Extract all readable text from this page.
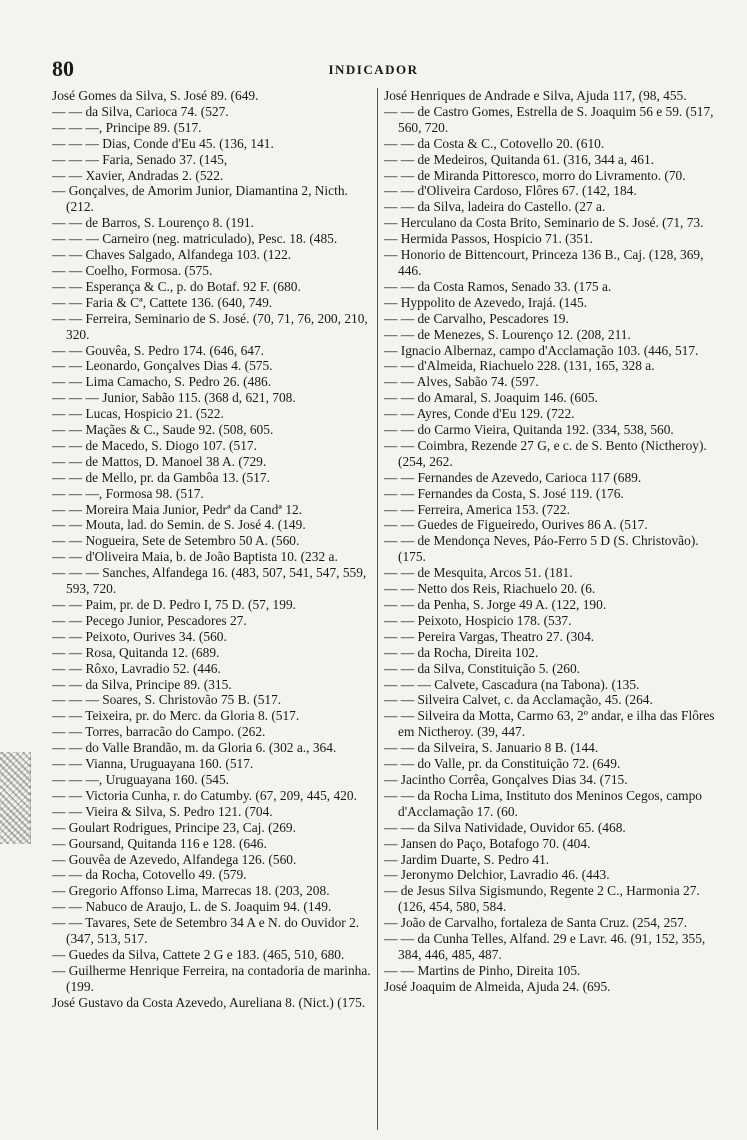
80	INDICADOR
José Gomes da Silva, S. José 89. (649.
— — da Silva, Carioca 74. (527.
— — —, Principe 89. (517.
— — — Dias, Conde d'Eu 45. (136, 141.
— — — Faria, Senado 37. (145,
— — Xavier, Andradas 2. (522.
— Gonçalves, de Amorim Junior, Diamantina 2, Nicth. (212.
— — de Barros, S. Lourenço 8. (191.
— — — Carneiro (neg. matriculado), Pesc. 18. (485.
— — Chaves Salgado, Alfandega 103. (122.
— — Coelho, Formosa. (575.
— — Esperança & C., p. do Botaf. 92 F. (680.
— — Faria & Cª, Cattete 136. (640, 749.
— — Ferreira, Seminario de S. José. (70, 71, 76, 200, 210, 320.
— — Gouvêa, S. Pedro 174. (646, 647.
— — Leonardo, Gonçalves Dias 4. (575.
— — Lima Camacho, S. Pedro 26. (486.
— — — Junior, Sabão 115. (368 d, 621, 708.
— — Lucas, Hospicio 21. (522.
— — Maçães & C., Saude 92. (508, 605.
— — de Macedo, S. Diogo 107. (517.
— — de Mattos, D. Manoel 38 A. (729.
— — de Mello, pr. da Gambôa 13. (517.
— — —, Formosa 98. (517.
— — Moreira Maia Junior, Pedrª da Candª 12.
— — Mouta, lad. do Semin. de S. José 4. (149.
— — Nogueira, Sete de Setembro 50 A. (560.
— — d'Oliveira Maia, b. de João Baptista 10. (232 a.
— — — Sanches, Alfandega 16. (483, 507, 541, 547, 559, 593, 720.
— — Paim, pr. de D. Pedro I, 75 D. (57, 199.
— — Pecego Junior, Pescadores 27.
— — Peixoto, Ourives 34. (560.
— — Rosa, Quitanda 12. (689.
— — Rôxo, Lavradio 52. (446.
— — da Silva, Principe 89. (315.
— — — Soares, S. Christovão 75 B. (517.
— — Teixeira, pr. do Merc. da Gloria 8. (517.
— — Torres, barracão do Campo. (262.
— — do Valle Brandão, m. da Gloria 6. (302 a., 364.
— — Vianna, Uruguayana 160. (517.
— — —, Uruguayana 160. (545.
— — Victoria Cunha, r. do Catumby. (67, 209, 445, 420.
— — Vieira & Silva, S. Pedro 121. (704.
— Goulart Rodrigues, Principe 23, Caj. (269.
— Goursand, Quitanda 116 e 128. (646.
— Gouvêa de Azevedo, Alfandega 126. (560.
— — da Rocha, Cotovello 49. (579.
— Gregorio Affonso Lima, Marrecas 18. (203, 208.
— — Nabuco de Araujo, L. de S. Joaquim 94. (149.
— — Tavares, Sete de Setembro 34 A e N. do Ouvidor 2. (347, 513, 517.
— Guedes da Silva, Cattete 2 G e 183. (465, 510, 680.
— Guilherme Henrique Ferreira, na contadoria de marinha. (199.
José Gustavo da Costa Azevedo, Aureliana 8. (Nict.) (175.
José Henriques de Andrade e Silva, Ajuda 117, (98, 455.
— — de Castro Gomes, Estrella de S. Joaquim 56 e 59. (517, 560, 720.
— — da Costa & C., Cotovello 20. (610.
— — de Medeiros, Quitanda 61. (316, 344 a, 461.
— — de Miranda Pittoresco, morro do Livramento. (70.
— — d'Oliveira Cardoso, Flôres 67. (142, 184.
— — da Silva, ladeira do Castello. (27 a.
— Herculano da Costa Brito, Seminario de S. José. (71, 73.
— Hermida Passos, Hospicio 71. (351.
— Honorio de Bittencourt, Princeza 136 B., Caj. (128, 369, 446.
— — da Costa Ramos, Senado 33. (175 a.
— Hyppolito de Azevedo, Irajá. (145.
— — de Carvalho, Pescadores 19.
— — de Menezes, S. Lourenço 12. (208, 211.
— Ignacio Albernaz, campo d'Acclamação 103. (446, 517.
— — d'Almeida, Riachuelo 228. (131, 165, 328 a.
— — Alves, Sabão 74. (597.
— — do Amaral, S. Joaquim 146. (605.
— — Ayres, Conde d'Eu 129. (722.
— — do Carmo Vieira, Quitanda 192. (334, 538, 560.
— — Coimbra, Rezende 27 G, e c. de S. Bento (Nictheroy). (254, 262.
— — Fernandes de Azevedo, Carioca 117 (689.
— — Fernandes da Costa, S. José 119. (176.
— — Ferreira, America 153. (722.
— — Guedes de Figueiredo, Ourives 86 A. (517.
— — de Mendonça Neves, Páo-Ferro 5 D (S. Christovão). (175.
— — de Mesquita, Arcos 51. (181.
— — Netto dos Reis, Riachuelo 20. (6.
— — da Penha, S. Jorge 49 A. (122, 190.
— — Peixoto, Hospicio 178. (537.
— — Pereira Vargas, Theatro 27. (304.
— — da Rocha, Direita 102.
— — da Silva, Constituição 5. (260.
— — — Calvete, Cascadura (na Tabona). (135.
— — Silveira Calvet, c. da Acclamação, 45. (264.
— — Silveira da Motta, Carmo 63, 2º andar, e ilha das Flôres em Nictheroy. (39, 447.
— — da Silveira, S. Januario 8 B. (144.
— — do Valle, pr. da Constituição 72. (649.
— Jacintho Corrêa, Gonçalves Dias 34. (715.
— — da Rocha Lima, Instituto dos Meninos Cegos, campo d'Acclamação 17. (60.
— — da Silva Natividade, Ouvidor 65. (468.
— Jansen do Paço, Botafogo 70. (404.
— Jardim Duarte, S. Pedro 41.
— Jeronymo Delchior, Lavradio 46. (443.
— de Jesus Silva Sigismundo, Regente 2 C., Harmonia 27. (126, 454, 580, 584.
— João de Carvalho, fortaleza de Santa Cruz. (254, 257.
— — da Cunha Telles, Alfand. 29 e Lavr. 46. (91, 152, 355, 384, 446, 485, 487.
— — Martins de Pinho, Direita 105.
José Joaquim de Almeida, Ajuda 24. (695.
